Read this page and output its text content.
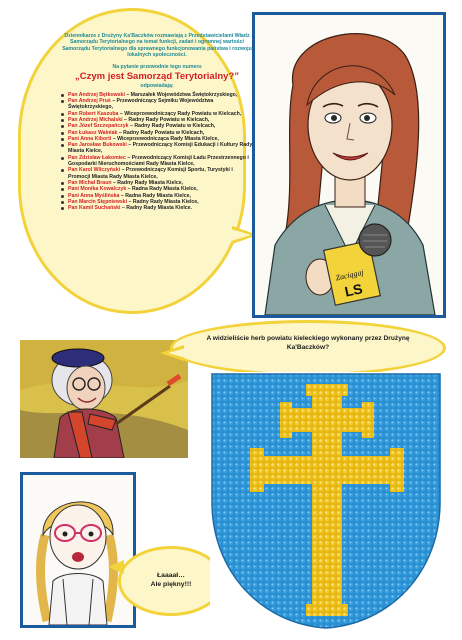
Dziennikarze z Drużyny Ka'Baczków rozmawiają z Przedstawicielami Władz Samorządu Terytorialnego na temat funkcji, zadań i ogromnej wartości Samorządu Terytorialnego dla sprawnego funkcjonowania państwa i rozwoju lokalnych społeczności.

Na pytanie przewodnie tego numeru

„Czym jest Samorząd Terytorialny?”

odpowiadają:

Pan Andrzej Bętkowski – Marszałek Województwa Świętokrzyskiego,
Pan Andrzej Pruś – Przewodniczący Sejmiku Województwa Świętokrzyskiego,
Pan Robert Kaszuba – Wiceprzewodniczący Rady Powiatu w Kielcach,
Pan Andrzej Michalski – Radny Rady Powiatu w Kielcach,
Pan Józef Szczepańczyk – Radny Rady Powiatu w Kielcach,
Pan Łukasz Wainiak – Radny Rady Powiatu w Kielcach,
Pani Anna Kiborti – Wiceprzewodnicząca Rady Miasta Kielce,
Pan Jarosław Bukowski – Przewodniczący Komisji Edukacji i Kultury Rady Miasta Kielce,
Pan Zdzisław Łakomiec – Przewodniczący Komisji Ładu Przestrzennego i Gospodarki Nieruchomościami Rady Miasta Kielce,
Pan Karol Wilczyński – Przewodniczący Komisji Sportu, Turystyki i Promocji Miasta Rady Miasta Kielce,
Pan Michał Braun – Radny Rady Miasta Kielce,
Pani Monika Kowalczyk – Radna Rady Miasta Kielce,
Pani Anna Myślińska – Radna Rady Miasta Kielce,
Pan Marcin Stępniewski – Radny Rady Miasta Kielce,
Pan Kamil Suchański – Radny Rady Miasta Kielce.
Zaciągaj
LS
A widzieliście herb powiatu kieleckiego wykonany przez Drużynę Ka'Baczków?
Łaaaał…
Ale piękny!!!
